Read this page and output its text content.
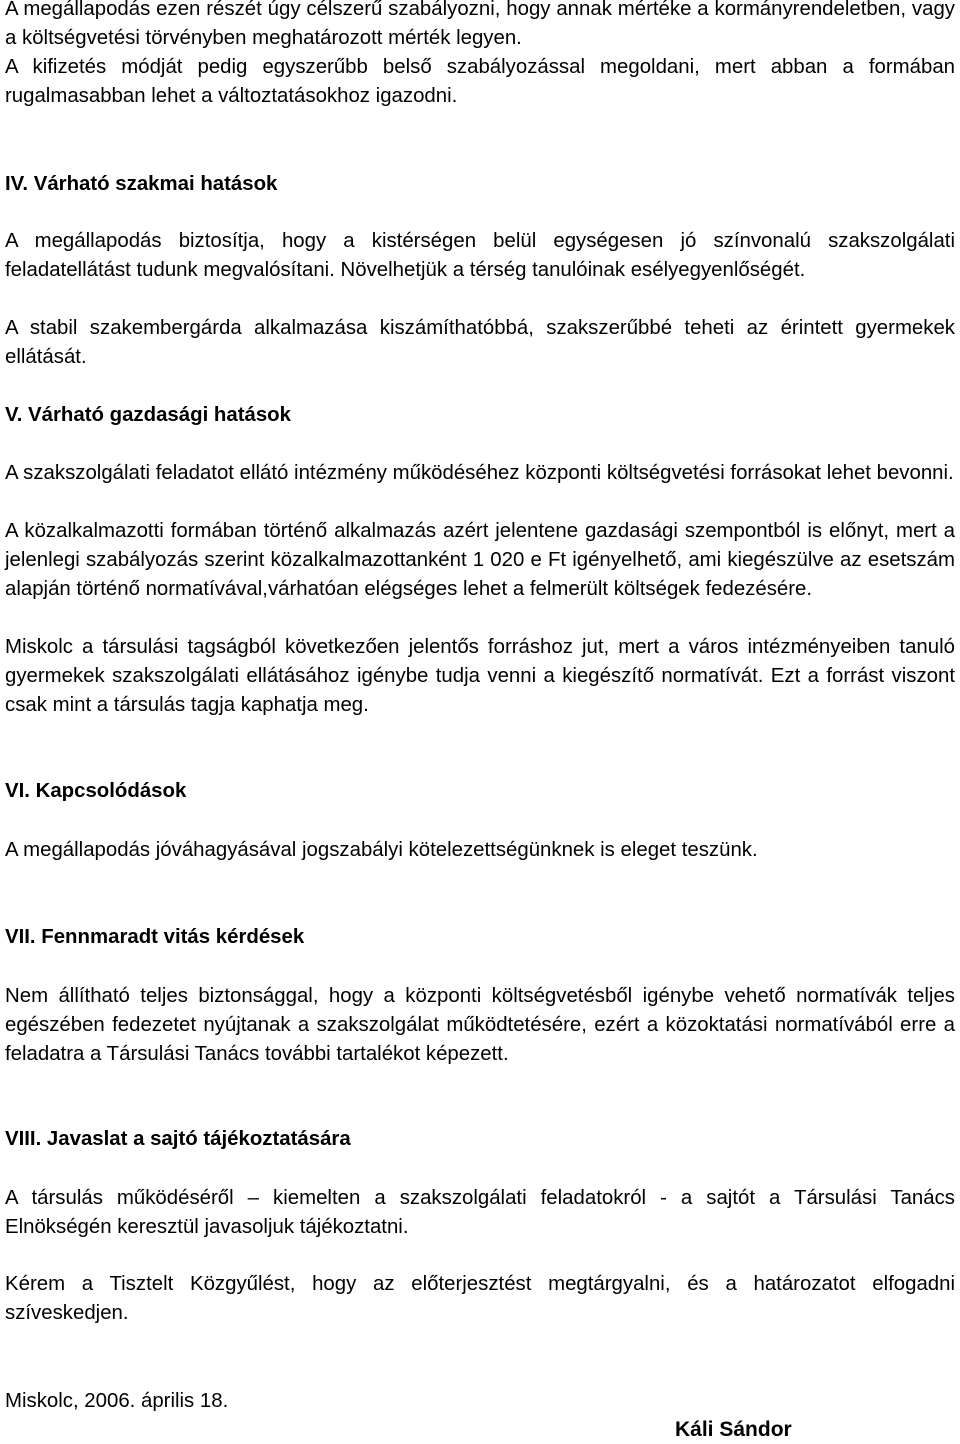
A megállapodás ezen részét úgy célszerű szabályozni, hogy annak mértéke a kormányrendeletben, vagy a költségvetési törvényben meghatározott mérték legyen.

A kifizetés módját pedig egyszerűbb belső szabályozással megoldani, mert abban a formában rugalmasabban lehet a változtatásokhoz igazodni.

IV. Várható szakmai hatások

A megállapodás biztosítja, hogy a kistérségen belül egységesen jó színvonalú szakszolgálati feladatellátást tudunk megvalósítani. Növelhetjük a térség tanulóinak esélyegyenlőségét.

A stabil szakembergárda alkalmazása kiszámíthatóbbá, szakszerűbbé teheti az érintett gyermekek ellátását.

V. Várható gazdasági hatások

A szakszolgálati feladatot ellátó intézmény működéséhez központi költségvetési forrásokat lehet bevonni.

A közalkalmazotti formában történő alkalmazás azért jelentene gazdasági szempontból is előnyt, mert a jelenlegi szabályozás szerint közalkalmazottanként 1 020 e Ft igényelhető, ami kiegészülve az esetszám alapján történő normatívával,várhatóan elégséges lehet a felmerült költségek fedezésére.

Miskolc a társulási tagságból következően jelentős forráshoz jut, mert a város intézményeiben tanuló gyermekek szakszolgálati ellátásához igénybe tudja venni a kiegészítő normatívát. Ezt a forrást viszont csak mint a társulás tagja kaphatja meg.

VI. Kapcsolódások

A megállapodás jóváhagyásával jogszabályi kötelezettségünknek is eleget teszünk.

VII. Fennmaradt vitás kérdések

Nem állítható teljes biztonsággal, hogy a központi költségvetésből igénybe vehető normatívák teljes egészében fedezetet nyújtanak a szakszolgálat működtetésére, ezért a közoktatási normatívából erre a feladatra a Társulási Tanács további tartalékot képezett.

VIII. Javaslat a sajtó tájékoztatására

A társulás működéséről – kiemelten a szakszolgálati feladatokról - a sajtót a Társulási Tanács Elnökségén keresztül javasoljuk tájékoztatni.

Kérem a Tisztelt Közgyűlést, hogy az előterjesztést megtárgyalni, és a határozatot elfogadni szíveskedjen.

Miskolc, 2006. április 18.

Káli Sándor
